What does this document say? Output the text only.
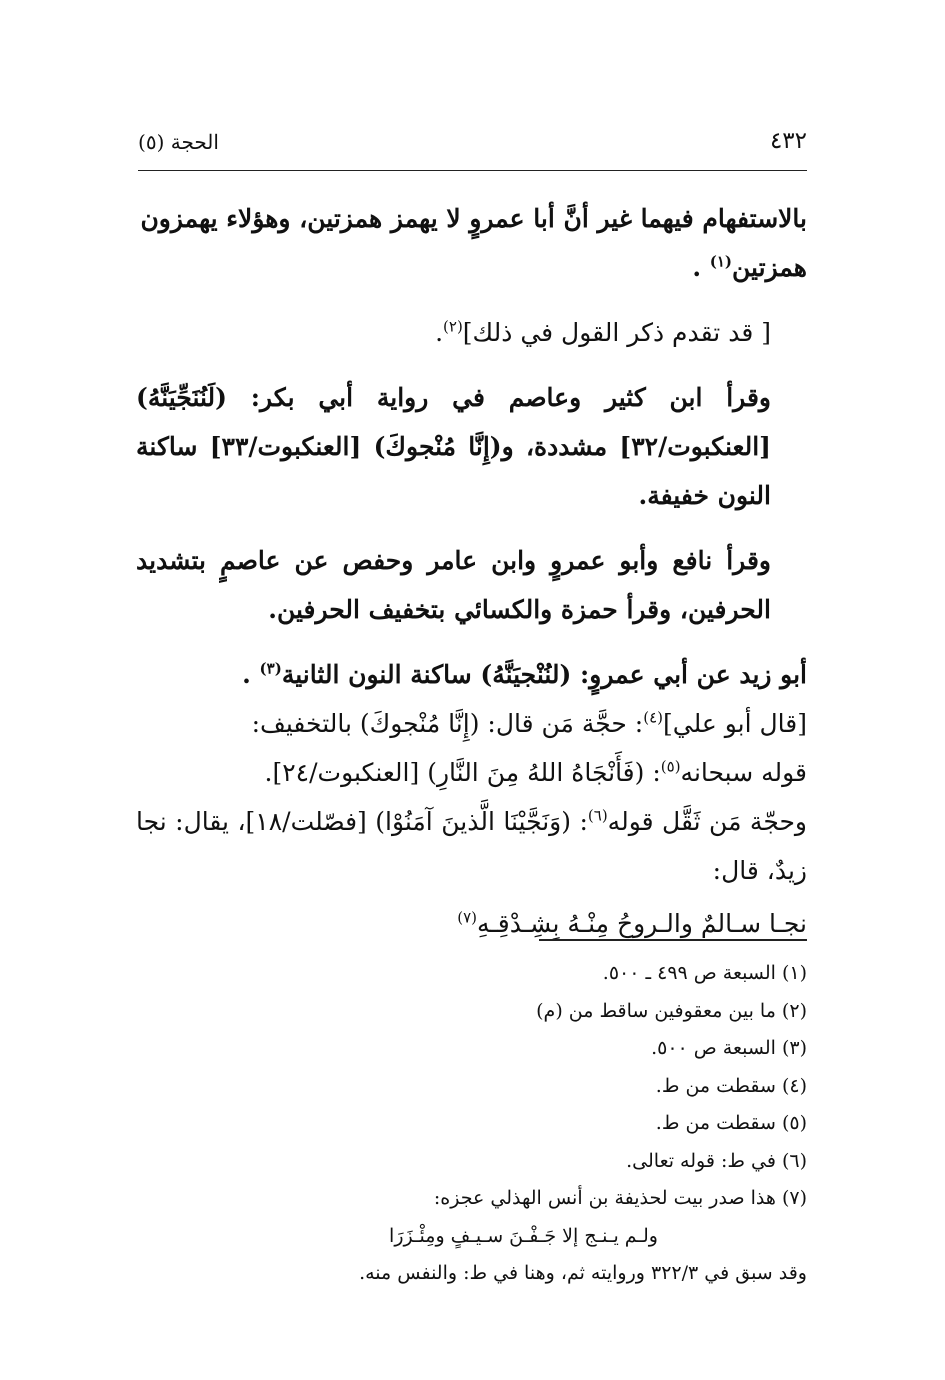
٤٣٢
الحجة (٥)

بالاستفهام فيهما غير أنَّ أبا عمروٍ لا يهمز همزتين، وهؤلاء يهمزون
همزتين$^{(١)}$ .

[ قد تقدم ذكر القول في ذلك]$^{(٢)}$.

وقرأ ابن كثير وعاصم في رواية أبي بكر: (لَنُنَجِّيَنَّهُ) [العنكبوت/٣٢] مشددة، و(إِنَّا مُنْجوكَ) [العنكبوت/٣٣] ساكنة النون خفيفة.

وقرأ نافع وأبو عمروٍ وابن عامر وحفص عن عاصمٍ بتشديد الحرفين، وقرأ حمزة والكسائي بتخفيف الحرفين.

أبو زيد عن أبي عمروٍ: (لنُنْجيَنَّهُ) ساكنة النون الثانية$^{(٣)}$ .

[قال أبو علي]$^{(٤)}$: حجَّة مَن قال: (إِنَّا مُنْجوكَ) بالتخفيف:

قوله سبحانه$^{(٥)}$: (فَأَنْجَاهُ اللهُ مِنَ النَّارِ) [العنكبوت/٢٤].

وحجّة مَن ثَقَّل قوله$^{(٦)}$: (وَنَجَّيْنَا الَّذينَ آمَنُوْا) [فصّلت/١٨]، يقال: نجا زيدٌ، قال:

نجـا سـالمٌ والـروحُ مِنْـهُ بِشِـدْقِـهِ$^{(٧)}$

(١) السبعة ص ٤٩٩ ـ ٥٠٠.

(٢) ما بين معقوفين ساقط من (م)

(٣) السبعة ص ٥٠٠.

(٤) سقطت من ط.

(٥) سقطت من ط.

(٦) في ط: قوله تعالى.

(٧) هذا صدر بيت لحذيفة بن أنس الهذلي عجزه:

ولـم يـنـج إلا جَـفْـنَ سـيـفٍ ومِئْـزَرَا

وقد سبق في ٣٢٢/٣ وروايته ثم، وهنا في ط: والنفس منه.
